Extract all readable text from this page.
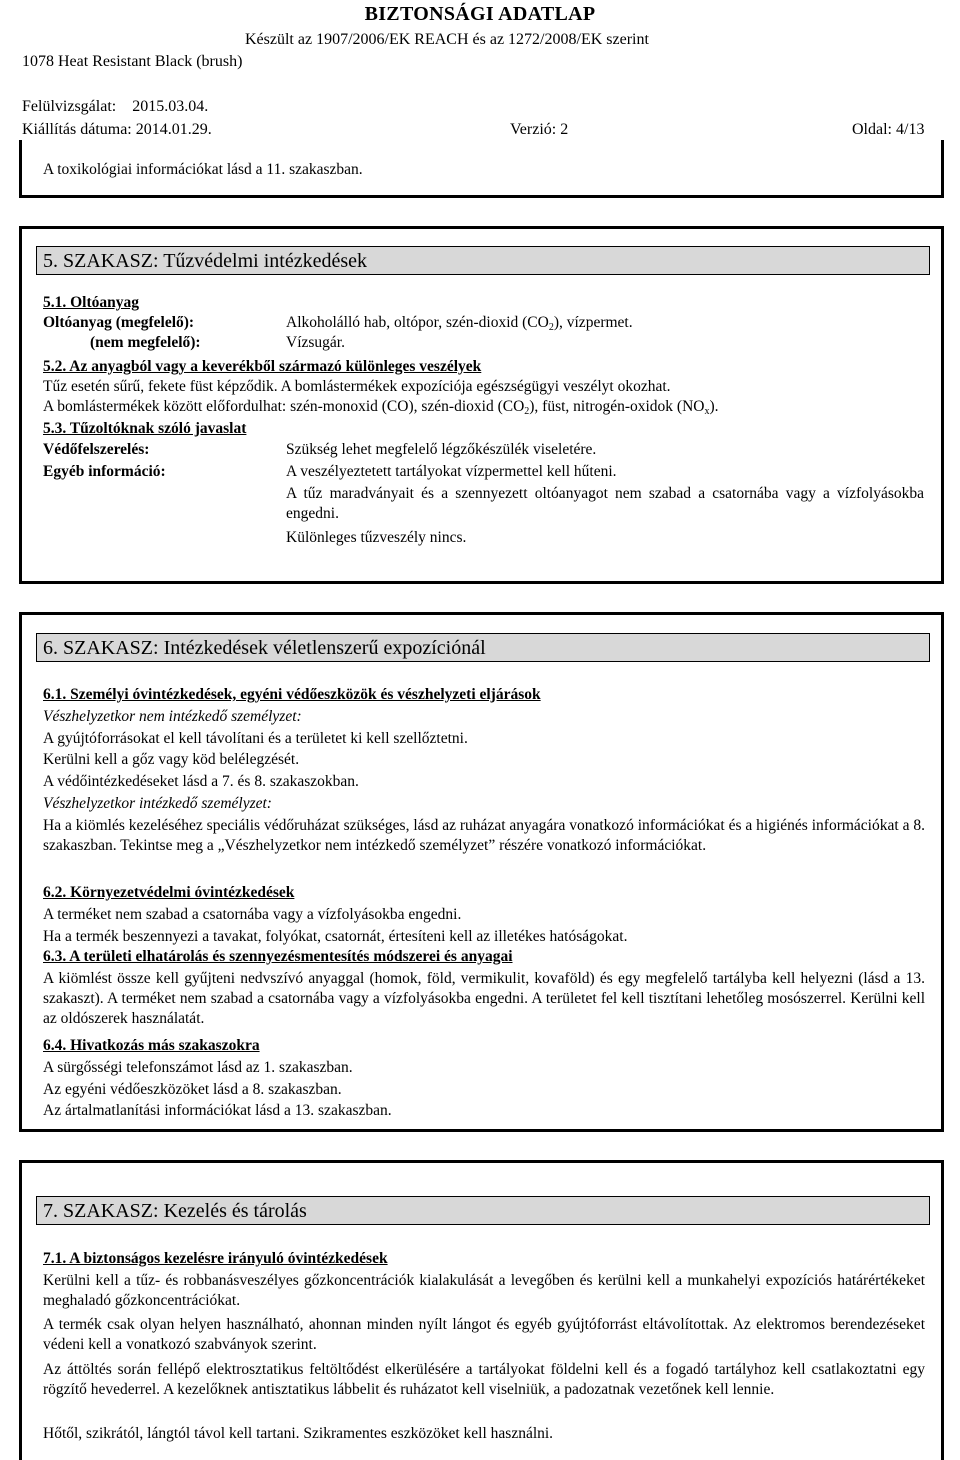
BIZTONSÁGI ADATLAP
Készült az 1907/2006/EK REACH és az 1272/2008/EK szerint
1078 Heat Resistant Black (brush)
Felülvizsgálat: 2015.03.04.
Kiállítás dátuma: 2014.01.29.	Verzió: 2	Oldal: 4/13
A toxikológiai információkat lásd a 11. szakaszban.
5. SZAKASZ: Tűzvédelmi intézkedések
5.1. Oltóanyag
Oltóanyag (megfelelő):	Alkoholálló hab, oltópor, szén-dioxid $(CO_2)$, vízpermet.
(nem megfelelő):	Vízsugár.
5.2. Az anyagból vagy a keverékből származó különleges veszélyek
Tűz esetén sűrű, fekete füst képződik. A bomlástermékek expozíciója egészségügyi veszélyt okozhat.
A bomlástermékek között előfordulhat: szén-monoxid (CO), szén-dioxid $(CO_2)$, füst, nitrogén-oxidok $(NO_x)$.
5.3. Tűzoltóknak szóló javaslat
Védőfelszerelés:	Szükség lehet megfelelő légzőkészülék viseletére.
Egyéb információ:	A veszélyeztetett tartályokat vízpermettel kell hűteni.
A tűz maradványait és a szennyezett oltóanyagot nem szabad a csatornába vagy a vízfolyásokba engedni.
Különleges tűzveszély nincs.
6. SZAKASZ: Intézkedések véletlenszerű expozíciónál
6.1. Személyi óvintézkedések, egyéni védőeszközök és vészhelyzeti eljárások
Vészhelyzetkor nem intézkedő személyzet:
A gyújtóforrásokat el kell távolítani és a területet ki kell szellőztetni.
Kerülni kell a gőz vagy köd belélegzését.
A védőintézkedéseket lásd a 7. és 8. szakaszokban.
Vészhelyzetkor intézkedő személyzet:
Ha a kiömlés kezeléséhez speciális védőruházat szükséges, lásd az ruházat anyagára vonatkozó információkat és a higiénés információkat a 8. szakaszban. Tekintse meg a „Vészhelyzetkor nem intézkedő személyzet” részére vonatkozó információkat.
6.2. Környezetvédelmi óvintézkedések
A terméket nem szabad a csatornába vagy a vízfolyásokba engedni.
Ha a termék beszennyezi a tavakat, folyókat, csatornát, értesíteni kell az illetékes hatóságokat.
6.3. A területi elhatárolás és szennyezésmentesítés módszerei és anyagai
A kiömlést össze kell gyűjteni nedvszívó anyaggal (homok, föld, vermikulit, kovaföld) és egy megfelelő tartályba kell helyezni (lásd a 13. szakaszt). A terméket nem szabad a csatornába vagy a vízfolyásokba engedni. A területet fel kell tisztítani lehetőleg mosószerrel. Kerülni kell az oldószerek használatát.
6.4. Hivatkozás más szakaszokra
A sürgősségi telefonszámot lásd az 1. szakaszban.
Az egyéni védőeszközöket lásd a 8. szakaszban.
Az ártalmatlanítási információkat lásd a 13. szakaszban.
7. SZAKASZ: Kezelés és tárolás
7.1. A biztonságos kezelésre irányuló óvintézkedések
Kerülni kell a tűz- és robbanásveszélyes gőzkoncentrációk kialakulását a levegőben és kerülni kell a munkahelyi expozíciós határértékeket meghaladó gőzkoncentrációkat.
A termék csak olyan helyen használható, ahonnan minden nyílt lángot és egyéb gyújtóforrást eltávolítottak. Az elektromos berendezéseket védeni kell a vonatkozó szabványok szerint.
Az áttöltés során fellépő elektrosztatikus feltöltődést elkerülésére a tartályokat földelni kell és a fogadó tartályhoz kell csatlakoztatni egy rögzítő hevederrel. A kezelőknek antisztatikus lábbelit és ruházatot kell viselniük, a padozatnak vezetőnek kell lennie.
Hőtől, szikrától, lángtól távol kell tartani. Szikramentes eszközöket kell használni.
